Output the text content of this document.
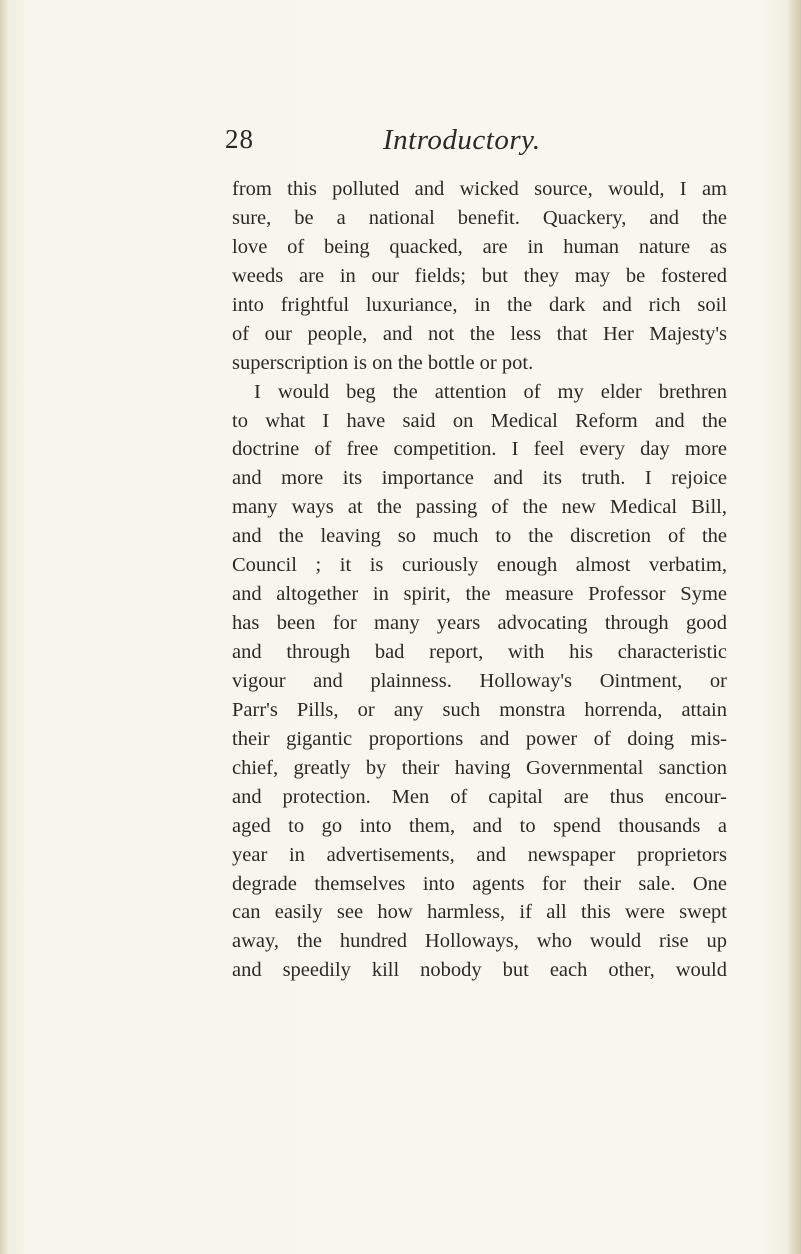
28	Introductory.
from this polluted and wicked source, would, I am
sure, be a national benefit. Quackery, and the
love of being quacked, are in human nature as
weeds are in our fields; but they may be fostered
into frightful luxuriance, in the dark and rich soil
of our people, and not the less that Her Majesty's
superscription is on the bottle or pot.
I would beg the attention of my elder brethren
to what I have said on Medical Reform and the
doctrine of free competition. I feel every day more
and more its importance and its truth. I rejoice
many ways at the passing of the new Medical Bill,
and the leaving so much to the discretion of the
Council ; it is curiously enough almost verbatim,
and altogether in spirit, the measure Professor Syme
has been for many years advocating through good
and through bad report, with his characteristic
vigour and plainness. Holloway's Ointment, or
Parr's Pills, or any such monstra horrenda, attain
their gigantic proportions and power of doing mis-
chief, greatly by their having Governmental sanction
and protection. Men of capital are thus encour-
aged to go into them, and to spend thousands a
year in advertisements, and newspaper proprietors
degrade themselves into agents for their sale. One
can easily see how harmless, if all this were swept
away, the hundred Holloways, who would rise up
and speedily kill nobody but each other, would
